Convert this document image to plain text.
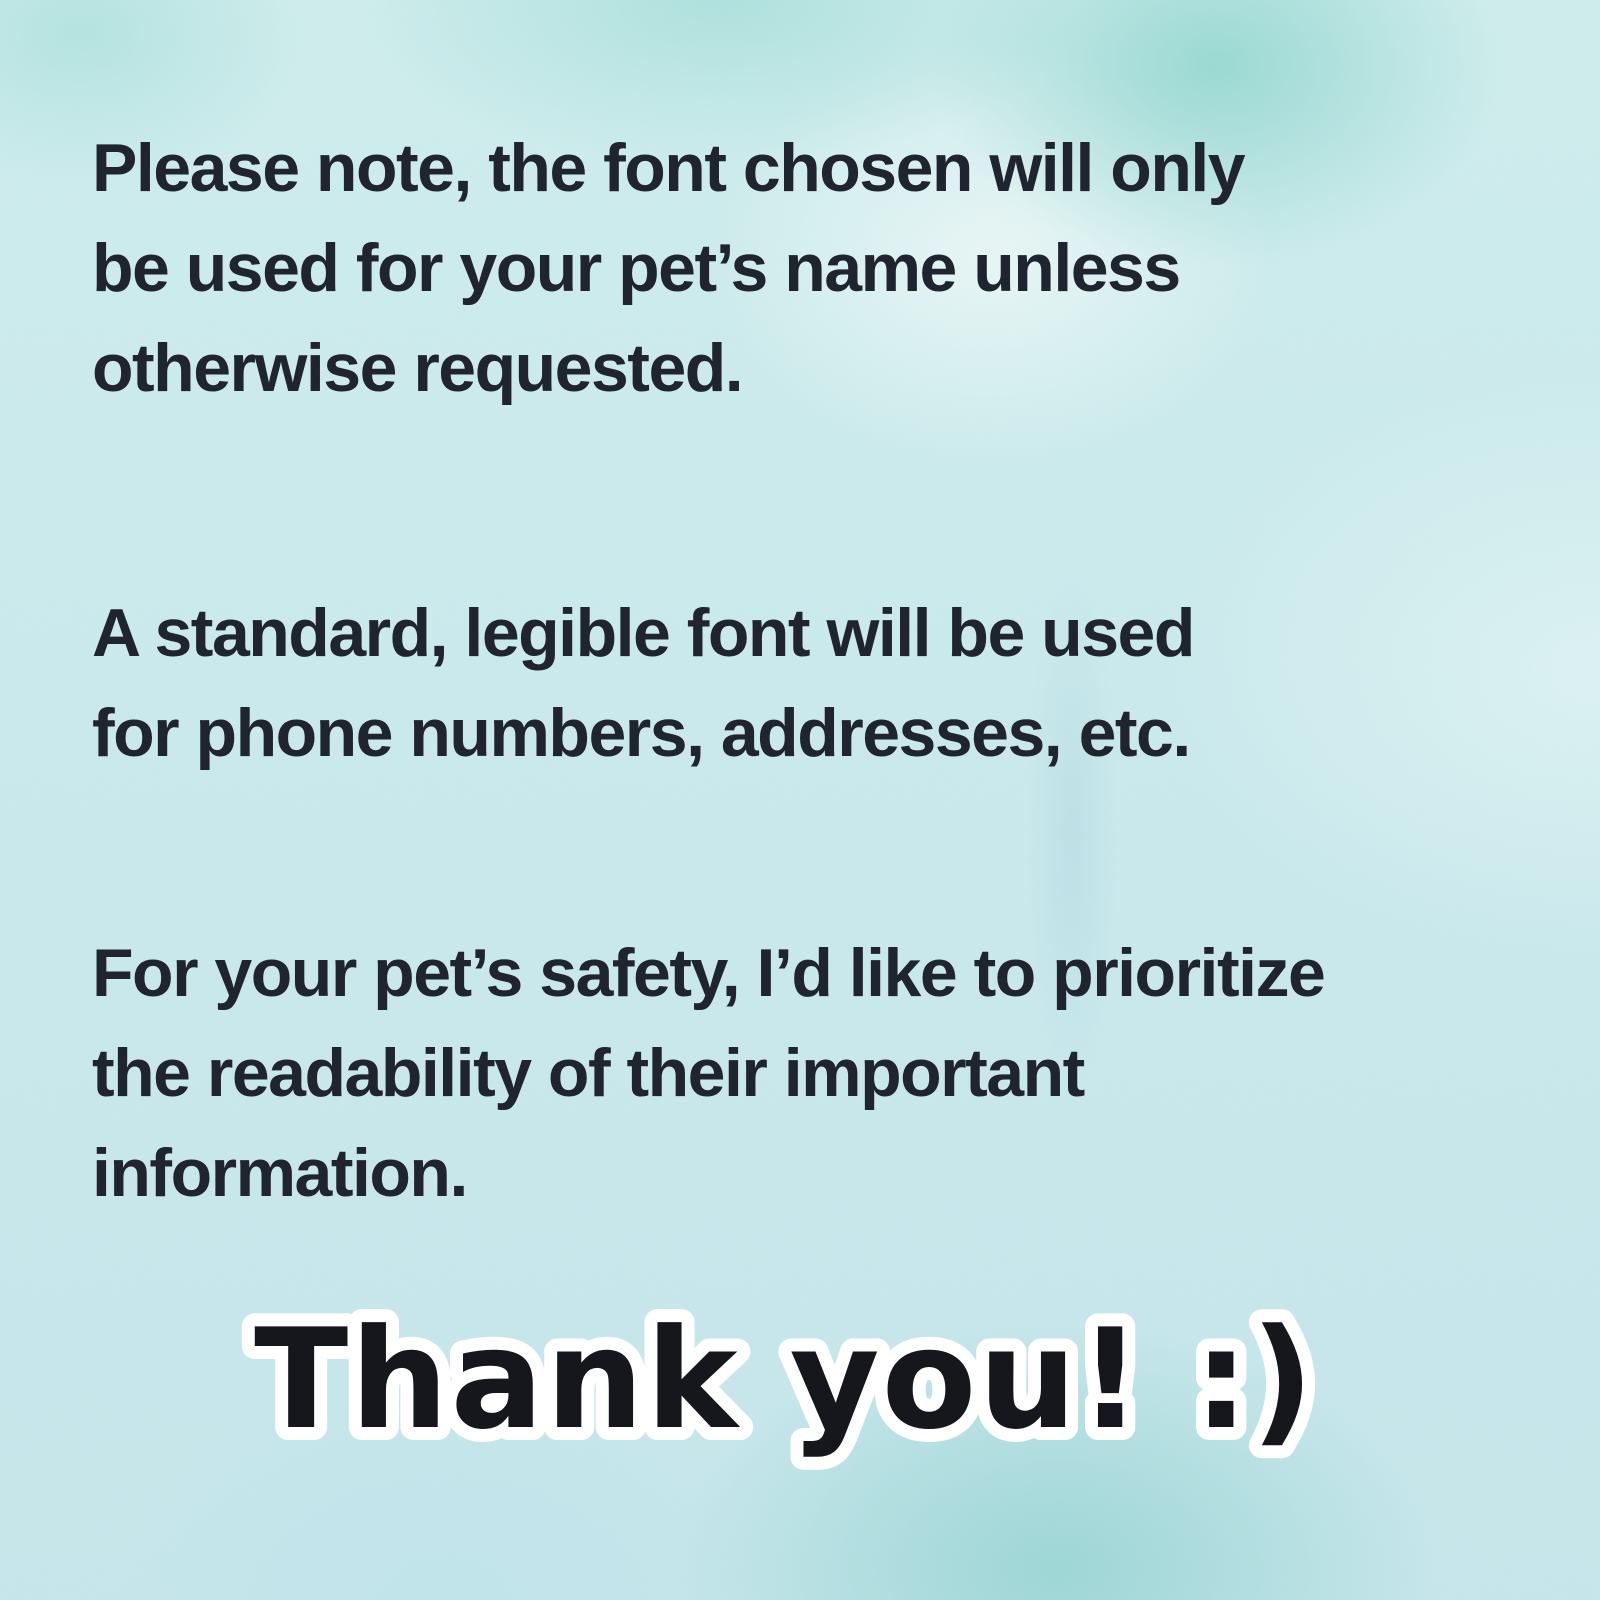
Please note, the font chosen will only
be used for your pet’s name unless
otherwise requested.

A standard, legible font will be used
for phone numbers, addresses, etc.

For your pet’s safety, I’d like to prioritize
the readability of their important
information.

Thank you! :)
